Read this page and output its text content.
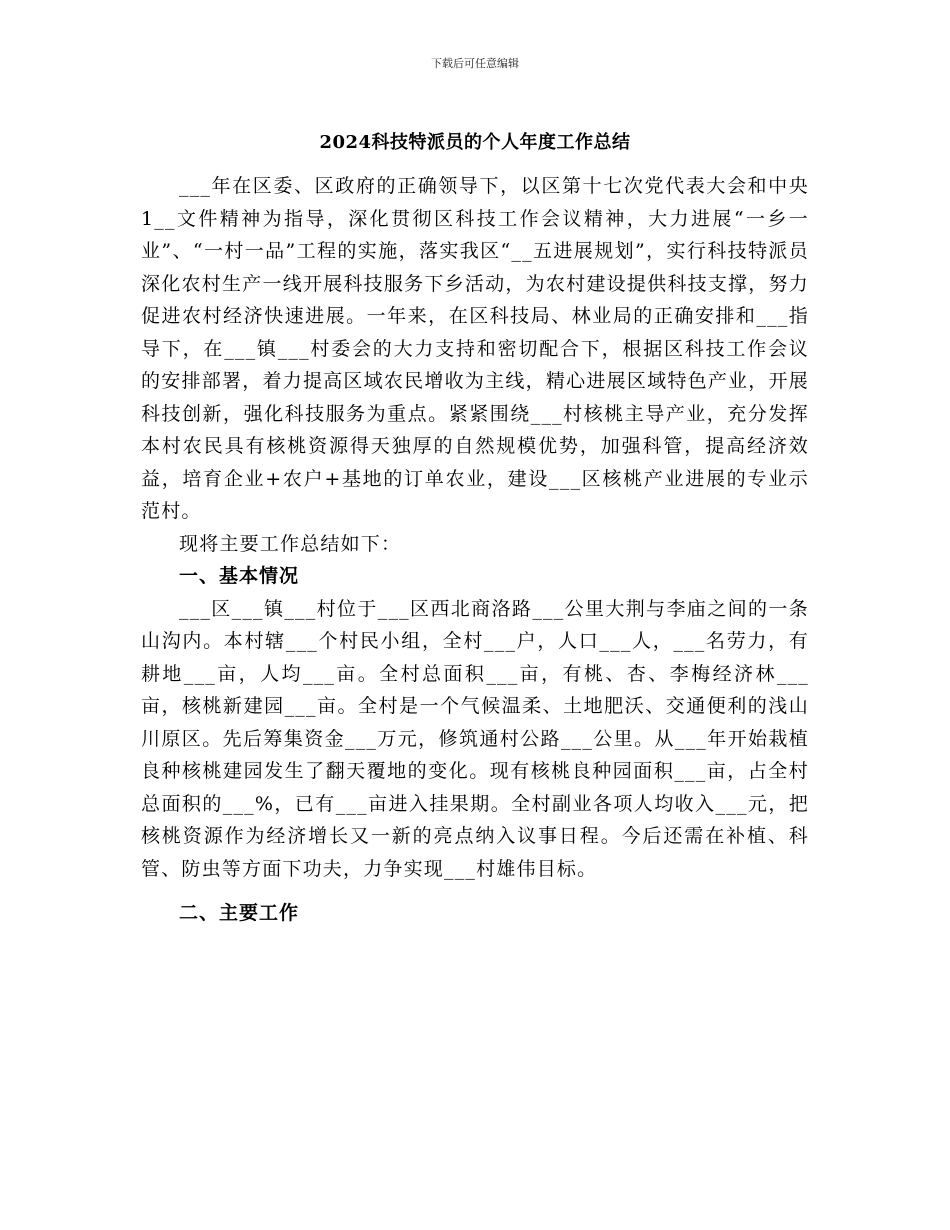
下载后可任意编辑
2024科技特派员的个人年度工作总结

___年在区委、区政府的正确领导下，以区第十七次党代表大会和中央1__文件精神为指导，深化贯彻区科技工作会议精神，大力进展“一乡一业”、“一村一品”工程的实施，落实我区“__五进展规划”，实行科技特派员深化农村生产一线开展科技服务下乡活动，为农村建设提供科技支撑，努力促进农村经济快速进展。一年来，在区科技局、林业局的正确安排和___指导下，在___镇___村委会的大力支持和密切配合下，根据区科技工作会议的安排部署，着力提高区域农民增收为主线，精心进展区域特色产业，开展科技创新，强化科技服务为重点。紧紧围绕___村核桃主导产业，充分发挥本村农民具有核桃资源得天独厚的自然规模优势，加强科管，提高经济效益，培育企业+农户+基地的订单农业，建设___区核桃产业进展的专业示范村。

现将主要工作总结如下：

一、基本情况

___区___镇___村位于___区西北商洛路___公里大荆与李庙之间的一条山沟内。本村辖___个村民小组，全村___户，人口___人，___名劳力，有耕地___亩，人均___亩。全村总面积___亩，有桃、杏、李梅经济林___亩，核桃新建园___亩。全村是一个气候温柔、土地肥沃、交通便利的浅山川原区。先后筹集资金___万元，修筑通村公路___公里。从___年开始栽植良种核桃建园发生了翻天覆地的变化。现有核桃良种园面积___亩，占全村总面积的___%，已有___亩进入挂果期。全村副业各项人均收入___元，把核桃资源作为经济增长又一新的亮点纳入议事日程。今后还需在补植、科管、防虫等方面下功夫，力争实现___村雄伟目标。

二、主要工作
